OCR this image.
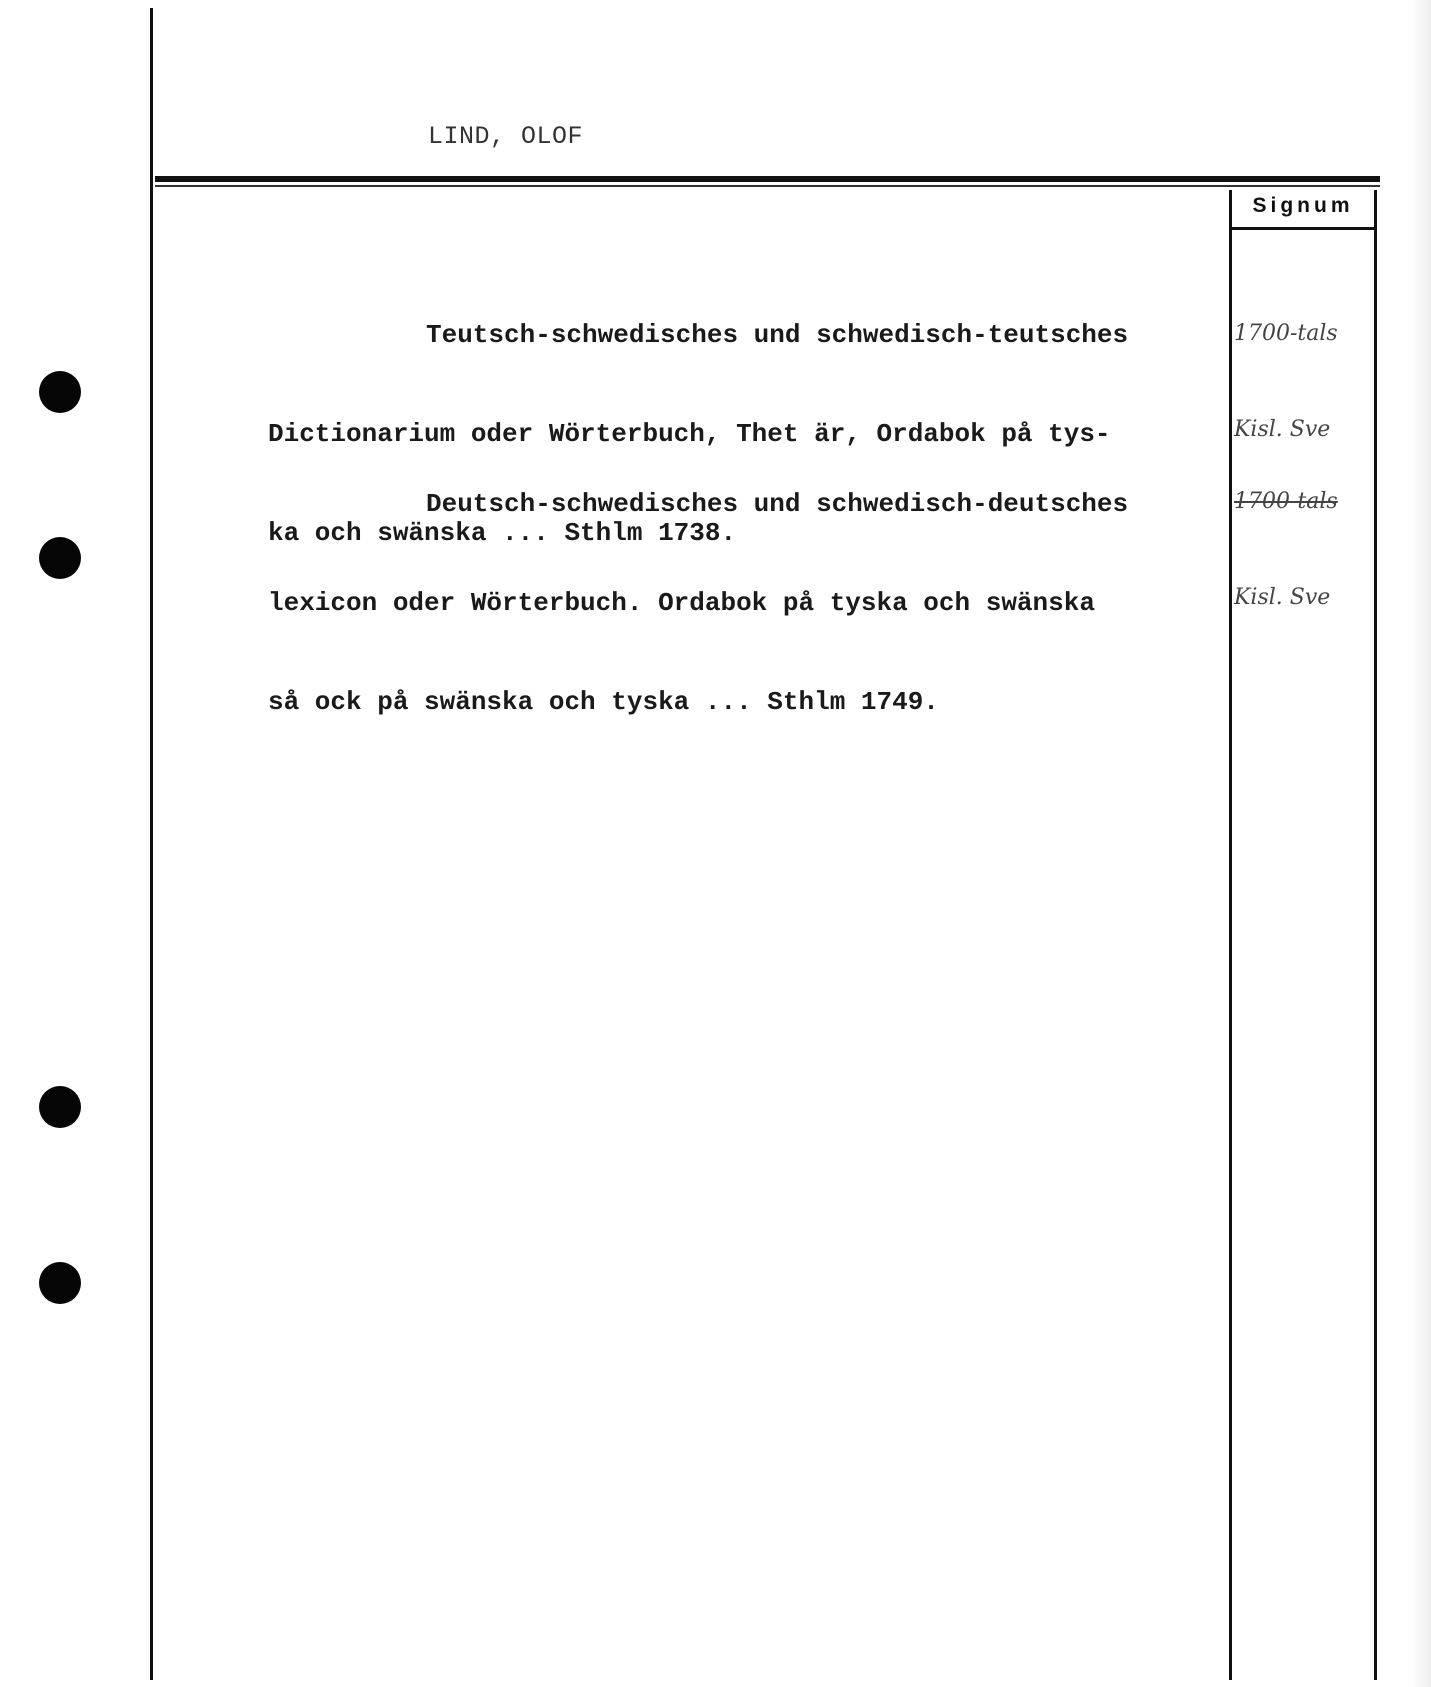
LIND, OLOF
Signum

Teutsch-schwedisches und schwedisch-teutsches

Dictionarium oder Wörterbuch, Thet är, Ordabok på tys-

ka och swänska ... Sthlm 1738.

1700-tals

Kisl. Sve

Deutsch-schwedisches und schwedisch-deutsches

lexicon oder Wörterbuch. Ordabok på tyska och swänska

så ock på swänska och tyska ... Sthlm 1749.

1700-tals

Kisl. Sve
